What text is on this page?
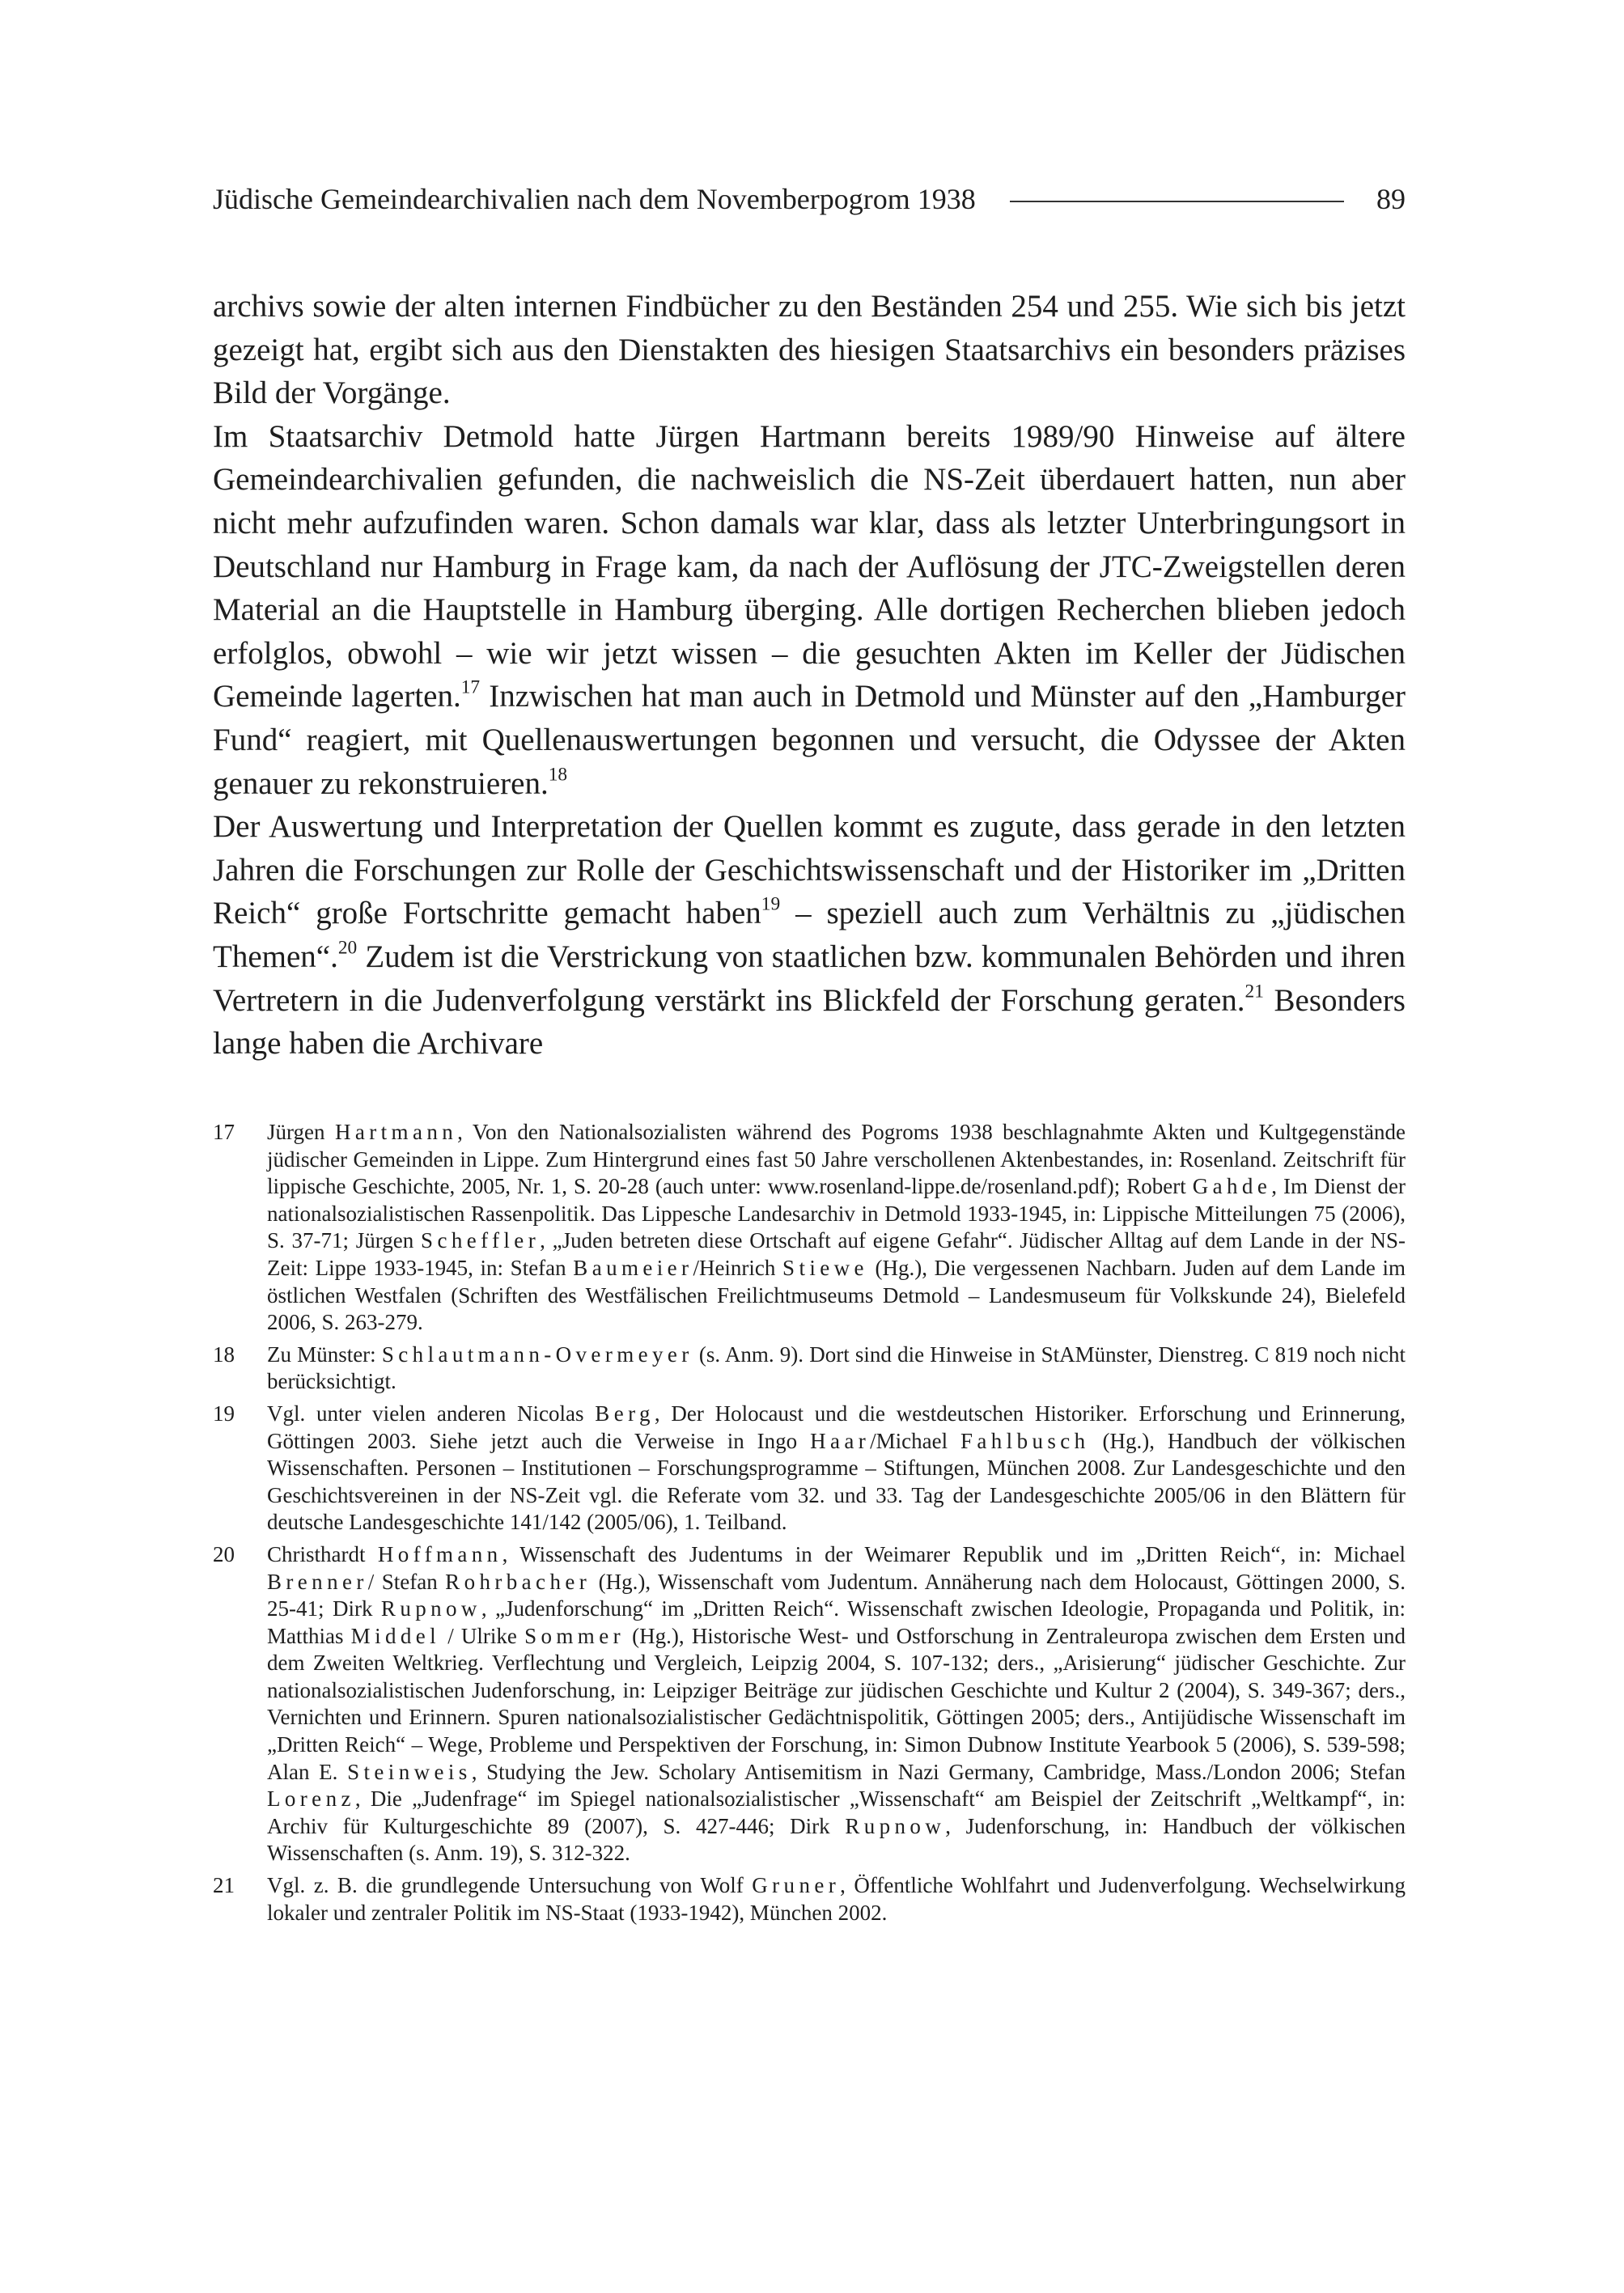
Jüdische Gemeindearchivalien nach dem Novemberpogrom 1938	89

archivs sowie der alten internen Findbücher zu den Beständen 254 und 255. Wie sich bis jetzt gezeigt hat, ergibt sich aus den Dienstakten des hiesigen Staatsarchivs ein besonders präzises Bild der Vorgänge.

Im Staatsarchiv Detmold hatte Jürgen Hartmann bereits 1989/90 Hinweise auf ältere Gemeindearchivalien gefunden, die nachweislich die NS-Zeit überdauert hatten, nun aber nicht mehr aufzufinden waren. Schon damals war klar, dass als letzter Unterbringungsort in Deutschland nur Hamburg in Frage kam, da nach der Auflösung der JTC-Zweigstellen deren Material an die Hauptstelle in Hamburg überging. Alle dortigen Recherchen blieben jedoch erfolglos, obwohl – wie wir jetzt wissen – die gesuchten Akten im Keller der Jüdischen Gemeinde lagerten.$^{17}$ Inzwischen hat man auch in Detmold und Münster auf den „Hamburger Fund“ reagiert, mit Quellenauswertungen begonnen und versucht, die Odyssee der Akten genauer zu rekonstruieren.$^{18}$

Der Auswertung und Interpretation der Quellen kommt es zugute, dass gerade in den letzten Jahren die Forschungen zur Rolle der Geschichtswissenschaft und der Historiker im „Dritten Reich“ große Fortschritte gemacht haben$^{19}$ – speziell auch zum Verhältnis zu „jüdischen Themen“.$^{20}$ Zudem ist die Verstrickung von staatlichen bzw. kommunalen Behörden und ihren Vertretern in die Judenverfolgung verstärkt ins Blickfeld der Forschung geraten.$^{21}$ Besonders lange haben die Archivare

17	Jürgen Hartmann, Von den Nationalsozialisten während des Pogroms 1938 beschlagnahmte Akten und Kultgegenstände jüdischer Gemeinden in Lippe. Zum Hintergrund eines fast 50 Jahre verschollenen Aktenbestandes, in: Rosenland. Zeitschrift für lippische Geschichte, 2005, Nr. 1, S. 20-28 (auch unter: www.rosenland-lippe.de/rosenland.pdf); Robert Gahde, Im Dienst der nationalsozialistischen Rassenpolitik. Das Lippesche Landesarchiv in Detmold 1933-1945, in: Lippische Mitteilungen 75 (2006), S. 37-71; Jürgen Scheffler, „Juden betreten diese Ortschaft auf eigene Gefahr“. Jüdischer Alltag auf dem Lande in der NS-Zeit: Lippe 1933-1945, in: Stefan Baumeier/Heinrich Stiewe (Hg.), Die vergessenen Nachbarn. Juden auf dem Lande im östlichen Westfalen (Schriften des Westfälischen Freilichtmuseums Detmold – Landesmuseum für Volkskunde 24), Bielefeld 2006, S. 263-279.
18	Zu Münster: Schlautmann-Overmeyer (s. Anm. 9). Dort sind die Hinweise in StAMünster, Dienstreg. C 819 noch nicht berücksichtigt.
19	Vgl. unter vielen anderen Nicolas Berg, Der Holocaust und die westdeutschen Historiker. Erforschung und Erinnerung, Göttingen 2003. Siehe jetzt auch die Verweise in Ingo Haar/Michael Fahlbusch (Hg.), Handbuch der völkischen Wissenschaften. Personen – Institutionen – Forschungsprogramme – Stiftungen, München 2008. Zur Landesgeschichte und den Geschichtsvereinen in der NS-Zeit vgl. die Referate vom 32. und 33. Tag der Landesgeschichte 2005/06 in den Blättern für deutsche Landesgeschichte 141/142 (2005/06), 1. Teilband.
20	Christhardt Hoffmann, Wissenschaft des Judentums in der Weimarer Republik und im „Dritten Reich“, in: Michael Brenner/ Stefan Rohrbacher (Hg.), Wissenschaft vom Judentum. Annäherung nach dem Holocaust, Göttingen 2000, S. 25-41; Dirk Rupnow, „Judenforschung“ im „Dritten Reich“. Wissenschaft zwischen Ideologie, Propaganda und Politik, in: Matthias Middel / Ulrike Sommer (Hg.), Historische West- und Ostforschung in Zentraleuropa zwischen dem Ersten und dem Zweiten Weltkrieg. Verflechtung und Vergleich, Leipzig 2004, S. 107-132; ders., „Arisierung“ jüdischer Geschichte. Zur nationalsozialistischen Judenforschung, in: Leipziger Beiträge zur jüdischen Geschichte und Kultur 2 (2004), S. 349-367; ders., Vernichten und Erinnern. Spuren nationalsozialistischer Gedächtnispolitik, Göttingen 2005; ders., Antijüdische Wissenschaft im „Dritten Reich“ – Wege, Probleme und Perspektiven der Forschung, in: Simon Dubnow Institute Yearbook 5 (2006), S. 539-598; Alan E. Steinweis, Studying the Jew. Scholary Antisemitism in Nazi Germany, Cambridge, Mass./London 2006; Stefan Lorenz, Die „Judenfrage“ im Spiegel nationalsozialistischer „Wissenschaft“ am Beispiel der Zeitschrift „Weltkampf“, in: Archiv für Kulturgeschichte 89 (2007), S. 427-446; Dirk Rupnow, Judenforschung, in: Handbuch der völkischen Wissenschaften (s. Anm. 19), S. 312-322.
21	Vgl. z. B. die grundlegende Untersuchung von Wolf Gruner, Öffentliche Wohlfahrt und Judenverfolgung. Wechselwirkung lokaler und zentraler Politik im NS-Staat (1933-1942), München 2002.
